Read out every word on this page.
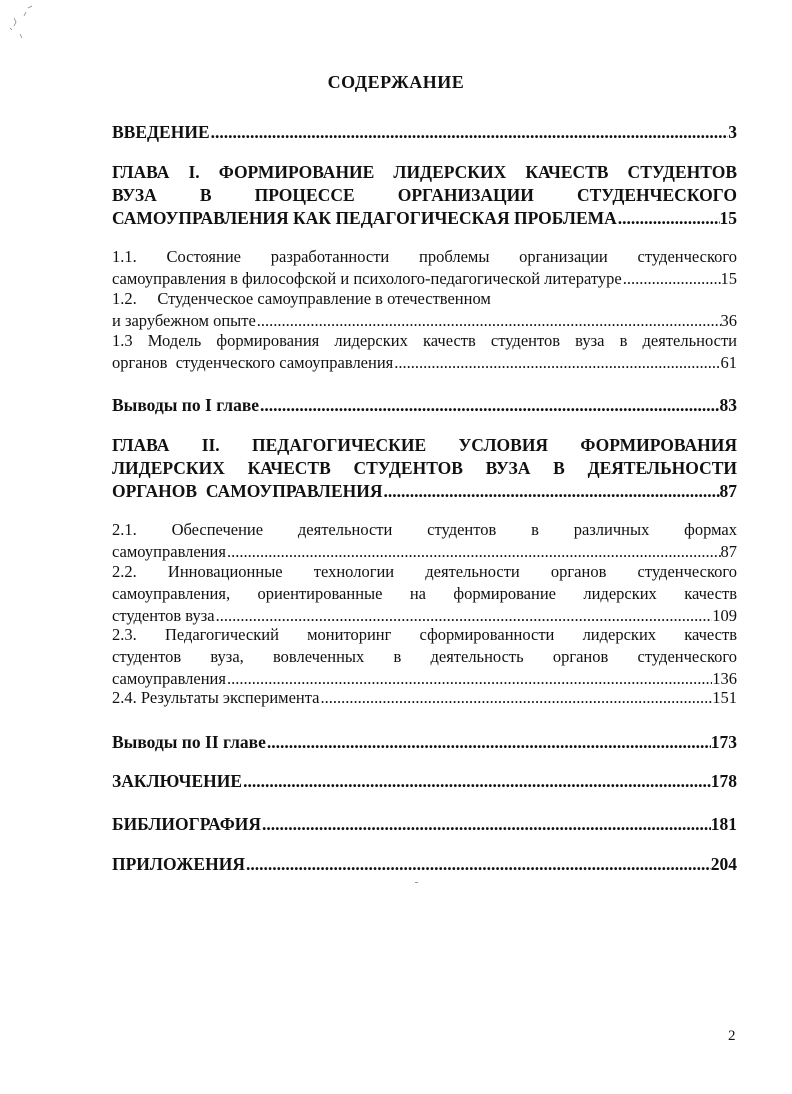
СОДЕРЖАНИЕ
ВВЕДЕНИЕ .....	3
ГЛАВА I. ФОРМИРОВАНИЕ ЛИДЕРСКИХ КАЧЕСТВ СТУДЕНТОВ
ВУЗА В ПРОЦЕССЕ ОРГАНИЗАЦИИ СТУДЕНЧЕСКОГО
САМОУПРАВЛЕНИЯ КАК ПЕДАГОГИЧЕСКАЯ ПРОБЛЕМА .....	15
1.1. Состояние разработанности проблемы организации студенческого
самоуправления в философской и психолого-педагогической литературе .....	15
1.2.     Студенческое самоуправление в отечественном
и зарубежном опыте .....	36
1.3 Модель формирования лидерских качеств студентов вуза в деятельности
органов  студенческого самоуправления .....	61
Выводы по I главе .....	83
ГЛАВА II. ПЕДАГОГИЧЕСКИЕ УСЛОВИЯ ФОРМИРОВАНИЯ
ЛИДЕРСКИХ КАЧЕСТВ СТУДЕНТОВ ВУЗА В ДЕЯТЕЛЬНОСТИ
ОРГАНОВ  САМОУПРАВЛЕНИЯ .....	87
2.1. Обеспечение деятельности студентов в различных формах
самоуправления .....	87
2.2. Инновационные технологии деятельности органов студенческого
самоуправления, ориентированные на формирование лидерских качеств
студентов вуза .....	109
2.3. Педагогический мониторинг сформированности лидерских качеств
студентов вуза, вовлеченных в деятельность органов студенческого
самоуправления .....	136
2.4. Результаты эксперимента .....	151
Выводы по II главе .....	173
ЗАКЛЮЧЕНИЕ .....	178
БИБЛИОГРАФИЯ .....	181
ПРИЛОЖЕНИЯ .....	204
2
